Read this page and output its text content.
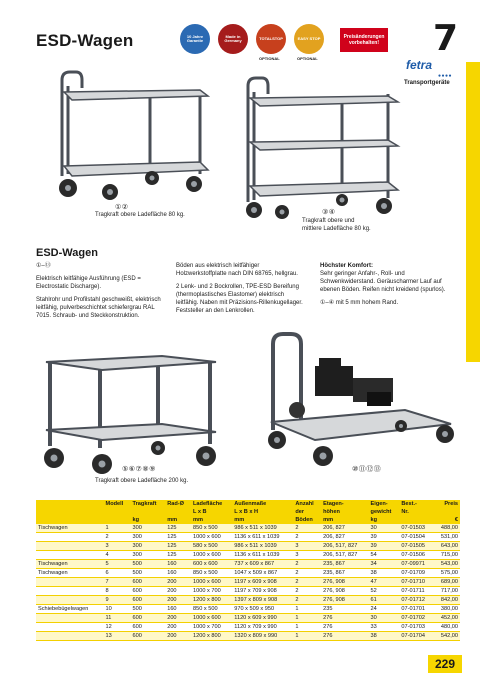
ESD-Wagen	10 Jahre Garantie
Made in Germany	TOTALSTOP	EASY STOP
OPTIONAL	OPTIONAL
Preisänderungen
vorbehalten! 7
fetra
●●●●
Transportgeräte
①②
Tragkraft obere Ladefläche 80 kg.	③④
Tragkraft obere und
mittlere Ladefläche 80 kg.
ESD-Wagen

①–⑬

Elektrisch leitfähige Ausführung (ESD = Electrostatic Discharge).

Stahlrohr und Profilstahl geschweißt, elektrisch leitfähig, pulverbeschichtet schiefergrau RAL 7015. Schraub- und Steckkonstruktion.

Böden aus elektrisch leitfähiger Holzwerkstoffplatte nach DIN 68765, hellgrau.

2 Lenk- und 2 Bockrollen, TPE-ESD Bereifung (thermoplastisches Elastomer) elektrisch leitfähig. Naben mit Präzisions-Rillenkugellager. Feststeller an den Lenkrollen.

Höchster Komfort:

Sehr geringer Anfahr-, Roll- und Schwenkwiderstand. Geräuscharmer Lauf auf ebenen Böden. Reifen nicht kreidend (spurlos).

①–④ mit 5 mm hohem Rand.

⑤⑥⑦⑧⑨
Tragkraft obere Ladefläche 200 kg.
⑩⑪⑫⑬
	Modell	Tragkraft	Rad-Ø	Ladefläche	Außenmaße	Anzahl	Etagen-	Eigen-	Best.-	Preis
				L x B	L x B x H	der	höhen	gewicht	Nr.	
		kg	mm	mm	mm	Böden	mm	kg		€
Tischwagen	1	300	125	850 x 500	986 x 511 x 1039	2	206, 827	30	07-01503	488,00
	2	300	125	1000 x 600	1136 x 611 x 1039	2	206, 827	39	07-01504	531,00
	3	300	125	580 x 500	986 x 511 x 1039	3	206, 517, 827	39	07-01505	643,00
	4	300	125	1000 x 600	1136 x 611 x 1039	3	206, 517, 827	54	07-01506	715,00
Tischwagen	5	500	160	600 x 600	737 x 609 x 867	2	235, 867	34	07-09971	543,00
Tischwagen	6	500	160	850 x 500	1047 x 509 x 867	2	235, 867	38	07-01709	575,00
	7	600	200	1000 x 600	1197 x 609 x 908	2	276, 908	47	07-01710	689,00
	8	600	200	1000 x 700	1197 x 709 x 908	2	276, 908	52	07-01711	717,00
	9	600	200	1200 x 800	1397 x 809 x 908	2	276, 908	61	07-01712	842,00
Schiebebügelwagen	10	500	160	850 x 500	970 x 509 x 950	1	235	24	07-01701	380,00
	11	600	200	1000 x 600	1120 x 609 x 990	1	276	30	07-01702	452,00
	12	600	200	1000 x 700	1120 x 709 x 990	1	276	33	07-01703	480,00
	13	600	200	1200 x 800	1320 x 809 x 990	1	276	38	07-01704	542,00
229
